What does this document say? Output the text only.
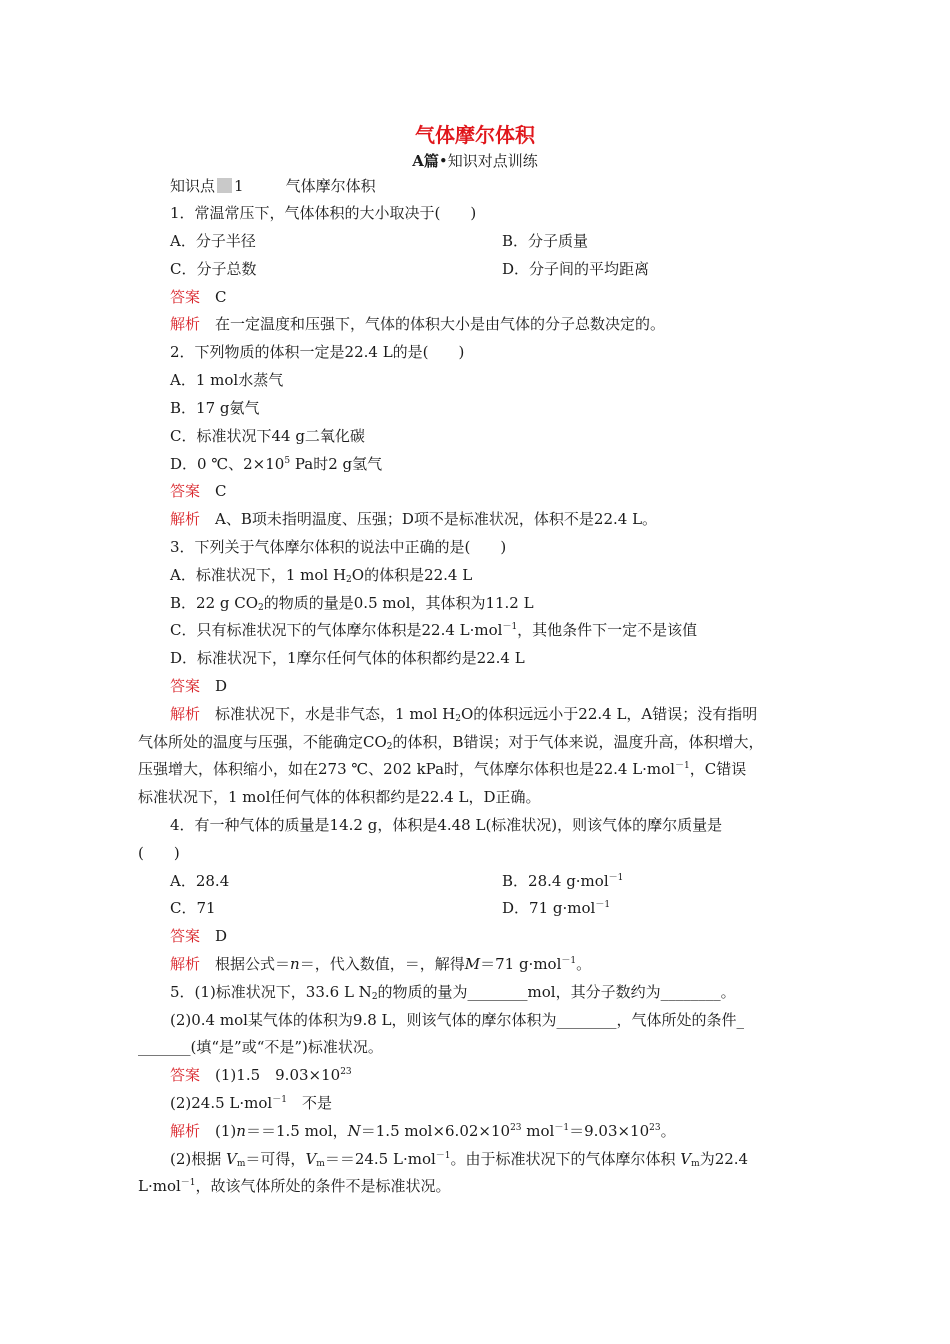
气体摩尔体积
A篇•知识对点训练
知识点 1	气体摩尔体积
1．常温常压下，气体体积的大小取决于(　　)
A．分子半径	B．分子质量
C．分子总数	D．分子间的平均距离
答案　 C
解析　 在一定温度和压强下，气体的体积大小是由气体的分子总数决定的。
2．下列物质的体积一定是22.4 L的是(　　)
A．1 mol水蒸气
B．17 g氨气
C．标准状况下44 g二氧化碳
D．0 ℃、$2\times 10^5$ Pa时2 g氢气
答案　 C
解析　 A、B项未指明温度、压强；D项不是标准状况，体积不是22.4 L。
3．下列关于气体摩尔体积的说法中正确的是(　　)
A．标准状况下，1 mol $H_2O$的体积是22.4 L
B．22 g $CO_2$的物质的量是0.5 mol，其体积为11.2 L
C．只有标准状况下的气体摩尔体积是22.4 L·mol$^{-1}$，其他条件下一定不是该值
D．标准状况下，1摩尔任何气体的体积都约是22.4 L
答案　 D
解析　 标准状况下，水是非气态，1 mol $H_2O$的体积远远小于22.4 L，A错误；没有指明
气体所处的温度与压强，不能确定$CO_2$的体积，B错误；对于气体来说，温度升高，体积增大，
压强增大，体积缩小，如在273 ℃、202 kPa时，气体摩尔体积也是22.4 L·mol$^{-1}$，C错误
标准状况下，1 mol任何气体的体积都约是22.4 L，D正确。
4．有一种气体的质量是14.2 g，体积是4.48 L(标准状况)，则该气体的摩尔质量是
(　　)
A．28.4	B．28.4 g·mol$^{-1}$
C．71	D．71 g·mol$^{-1}$
答案　 D
解析　 根据公式＝n＝，代入数值，＝，解得M＝71 g·mol$^{-1}$。
5．(1)标准状况下，33.6 L $N_2$的物质的量为________mol，其分子数约为________。
(2)0.4 mol某气体的体积为9.8 L，则该气体的摩尔体积为________，气体所处的条件_
_______(填“是”或“不是”)标准状况。
答案　 (1)1.5　$9.03\times 10^{23}$
(2)24.5 L·mol$^{-1}$　不是
解析　 (1)n＝＝1.5 mol，N＝1.5 $mol\times 6.02\times 10^{23}$ $mol^{-1}=9.03\times 10^{23}$。
(2)根据 $V_m=$可得，$V_m==24.5$ L·mol$^{-1}$。由于标准状况下的气体摩尔体积 $V_m$为22.4
L·mol$^{-1}$，故该气体所处的条件不是标准状况。
